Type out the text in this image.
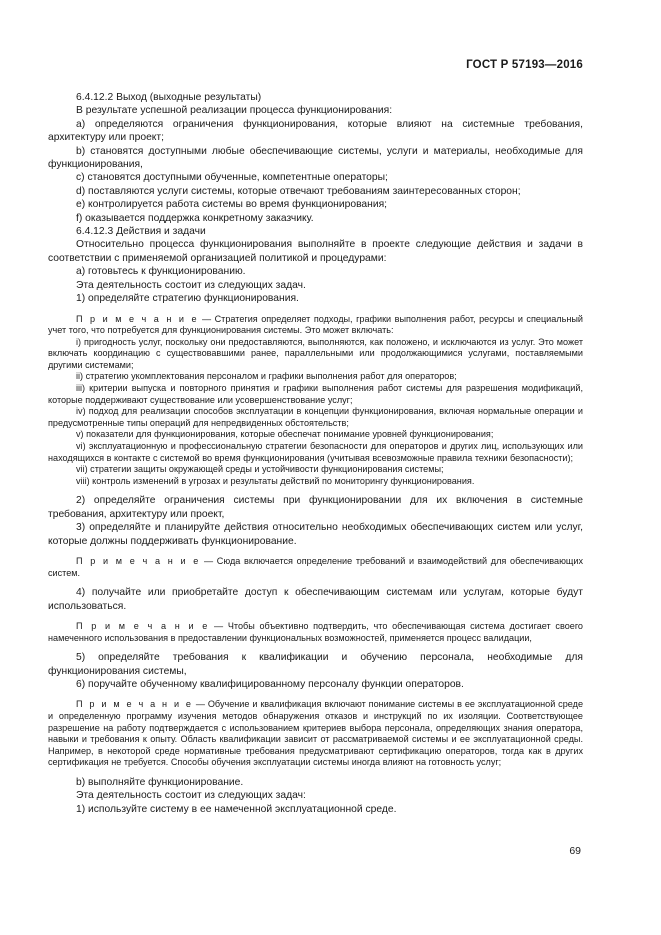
ГОСТ Р 57193—2016

6.4.12.2 Выход (выходные результаты)

В результате успешной реализации процесса функционирования:

a) определяются ограничения функционирования, которые влияют на системные требования, архитектуру или проект;

b) становятся доступными любые обеспечивающие системы, услуги и материалы, необходимые для функционирования,

c) становятся доступными обученные, компетентные операторы;

d) поставляются услуги системы, которые отвечают требованиям заинтересованных сторон;

e) контролируется работа системы во время функционирования;

f) оказывается поддержка конкретному заказчику.

6.4.12.3 Действия и задачи

Относительно процесса функционирования выполняйте в проекте следующие действия и задачи в соответствии с применяемой организацией политикой и процедурами:

a) готовьтесь к функционированию.

Эта деятельность состоит из следующих задач.

1) определяйте стратегию функционирования.

П р и м е ч а н и е — Стратегия определяет подходы, графики выполнения работ, ресурсы и специальный учет того, что потребуется для функционирования системы. Это может включать:

i) пригодность услуг, поскольку они предоставляются, выполняются, как положено, и исключаются из услуг. Это может включать координацию с существовавшими ранее, параллельными или продолжающимися услугами, поставляемыми другими системами;

ii) стратегию укомплектования персоналом и графики выполнения работ для операторов;

iii) критерии выпуска и повторного принятия и графики выполнения работ системы для разрешения модификаций, которые поддерживают существование или усовершенствование услуг;

iv) подход для реализации способов эксплуатации в концепции функционирования, включая нормальные операции и предусмотренные типы операций для непредвиденных обстоятельств;

v) показатели для функционирования, которые обеспечат понимание уровней функционирования;

vi) эксплуатационную и профессиональную стратегии безопасности для операторов и других лиц, использующих или находящихся в контакте с системой во время функционирования (учитывая всевозможные правила техники безопасности);

vii) стратегии защиты окружающей среды и устойчивости функционирования системы;

viii) контроль изменений в угрозах и результаты действий по мониторингу функционирования.

2) определяйте ограничения системы при функционировании для их включения в системные требования, архитектуру или проект,

3) определяйте и планируйте действия относительно необходимых обеспечивающих систем или услуг, которые должны поддерживать функционирование.

П р и м е ч а н и е — Сюда включается определение требований и взаимодействий для обеспечивающих систем.

4) получайте или приобретайте доступ к обеспечивающим системам или услугам, которые будут использоваться.

П р и м е ч а н и е — Чтобы объективно подтвердить, что обеспечивающая система достигает своего намеченного использования в предоставлении функциональных возможностей, применяется процесс валидации,

5) определяйте требования к квалификации и обучению персонала, необходимые для функционирования системы,

6) поручайте обученному квалифицированному персоналу функции операторов.

П р и м е ч а н и е — Обучение и квалификация включают понимание системы в ее эксплуатационной среде и определенную программу изучения методов обнаружения отказов и инструкций по их изоляции. Соответствующее разрешение на работу подтверждается с использованием критериев выбора персонала, определяющих знания оператора, навыки и требования к опыту. Область квалификации зависит от рассматриваемой системы и ее эксплуатационной среды. Например, в некоторой среде нормативные требования предусматривают сертификацию операторов, тогда как в других сертификация не требуется. Способы обучения эксплуатации системы иногда влияют на готовность услуг;

b) выполняйте функционирование.

Эта деятельность состоит из следующих задач:

1) используйте систему в ее намеченной эксплуатационной среде.

69
